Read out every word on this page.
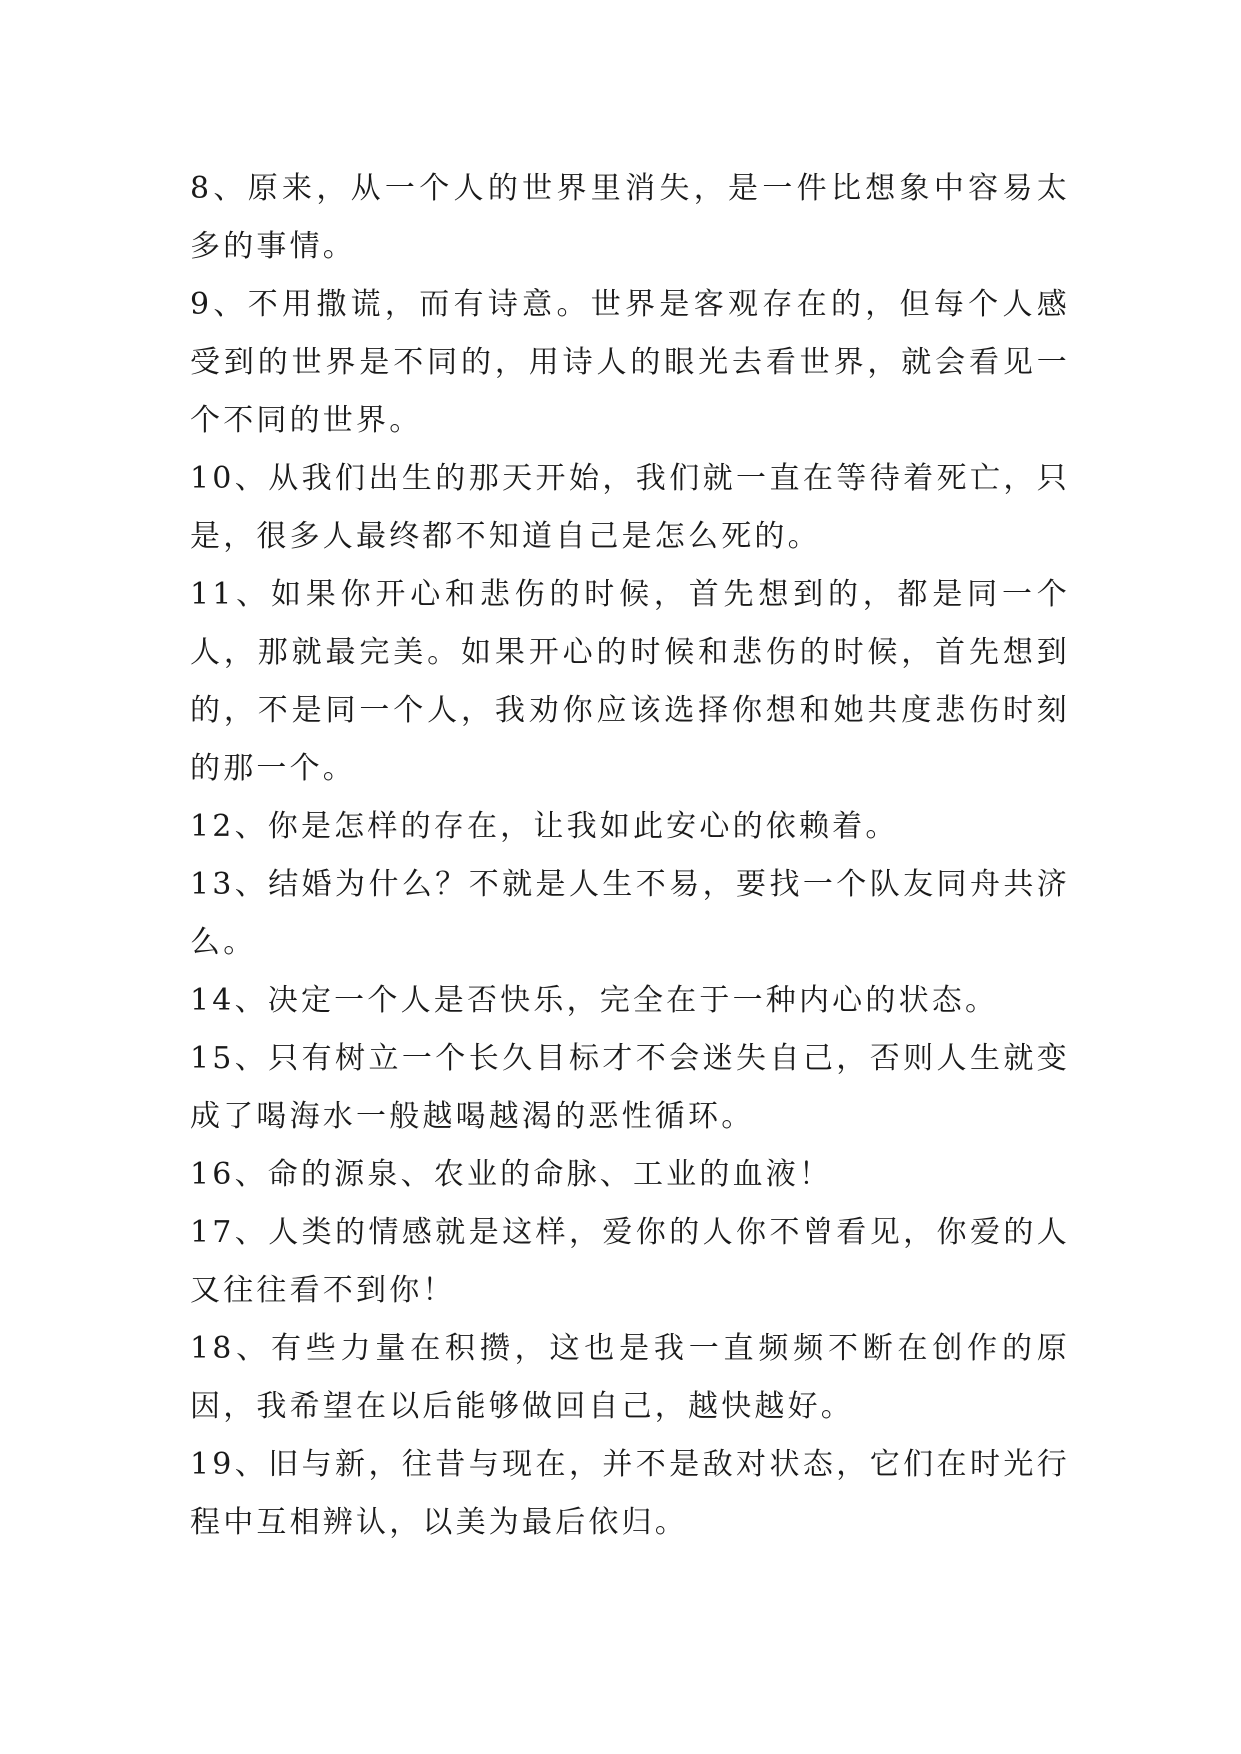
8、原来，从一个人的世界里消失，是一件比想象中容易太多的事情。

9、不用撒谎，而有诗意。世界是客观存在的，但每个人感受到的世界是不同的，用诗人的眼光去看世界，就会看见一个不同的世界。

10、从我们出生的那天开始，我们就一直在等待着死亡，只是，很多人最终都不知道自己是怎么死的。

11、如果你开心和悲伤的时候，首先想到的，都是同一个人，那就最完美。如果开心的时候和悲伤的时候，首先想到的，不是同一个人，我劝你应该选择你想和她共度悲伤时刻的那一个。

12、你是怎样的存在，让我如此安心的依赖着。

13、结婚为什么？不就是人生不易，要找一个队友同舟共济么。

14、决定一个人是否快乐，完全在于一种内心的状态。

15、只有树立一个长久目标才不会迷失自己，否则人生就变成了喝海水一般越喝越渴的恶性循环。

16、命的源泉、农业的命脉、工业的血液！

17、人类的情感就是这样，爱你的人你不曾看见，你爱的人又往往看不到你！

18、有些力量在积攒，这也是我一直频频不断在创作的原因，我希望在以后能够做回自己，越快越好。

19、旧与新，往昔与现在，并不是敌对状态，它们在时光行程中互相辨认，以美为最后依归。
